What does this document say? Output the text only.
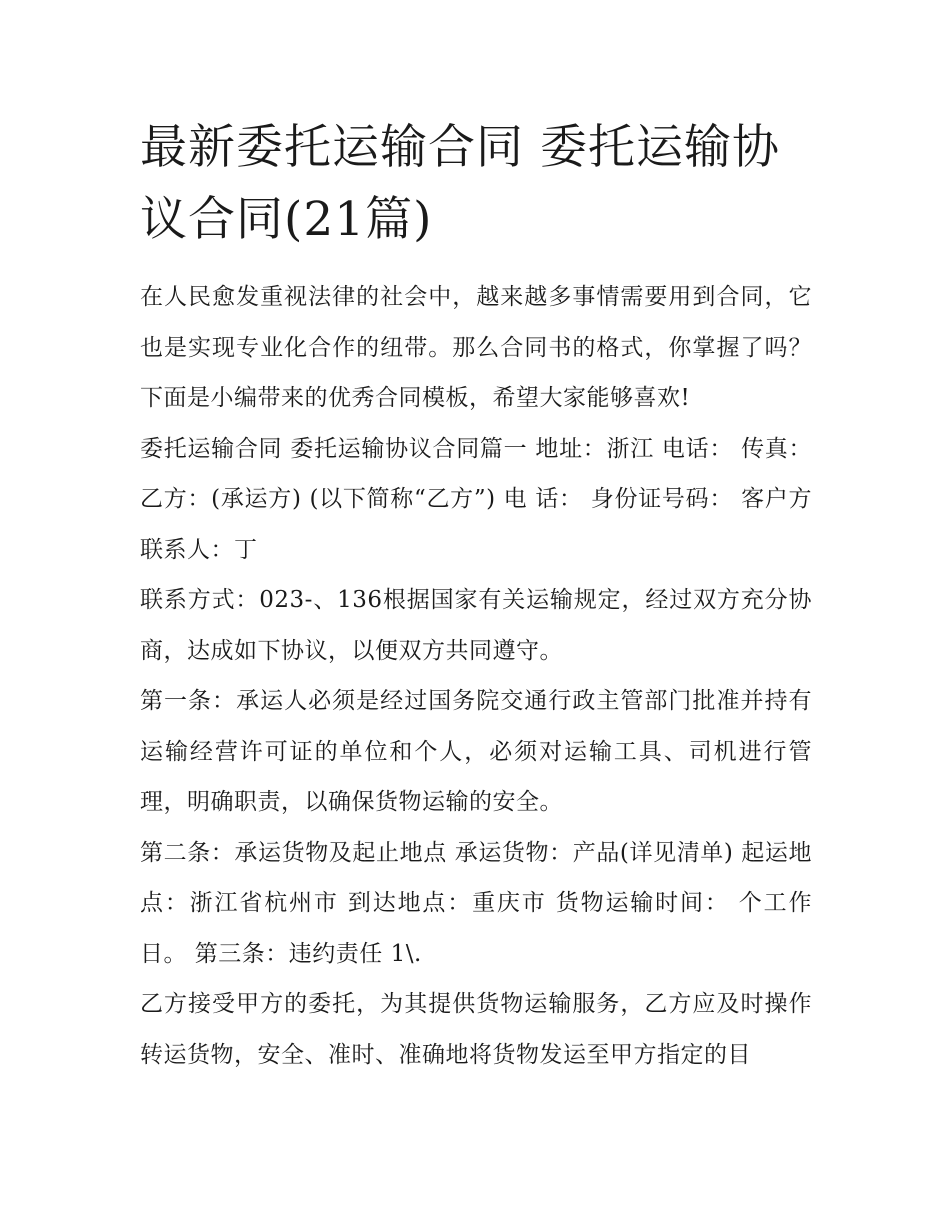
最新委托运输合同 委托运输协议合同(21篇)

在人民愈发重视法律的社会中，越来越多事情需要用到合同，它也是实现专业化合作的纽带。那么合同书的格式，你掌握了吗？下面是小编带来的优秀合同模板，希望大家能够喜欢!

委托运输合同 委托运输协议合同篇一 地址：浙江 电话： 传真： 乙方：(承运方) (以下简称“乙方”) 电 话： 身份证号码： 客户方联系人：丁

联系方式：023-、136根据国家有关运输规定，经过双方充分协商，达成如下协议，以便双方共同遵守。

第一条：承运人必须是经过国务院交通行政主管部门批准并持有运输经营许可证的单位和个人，必须对运输工具、司机进行管理，明确职责，以确保货物运输的安全。

第二条：承运货物及起止地点 承运货物：产品(详见清单) 起运地点：浙江省杭州市 到达地点：重庆市 货物运输时间： 个工作日。 第三条：违约责任 1\.

乙方接受甲方的委托，为其提供货物运输服务，乙方应及时操作转运货物，安全、准时、准确地将货物发运至甲方指定的目
